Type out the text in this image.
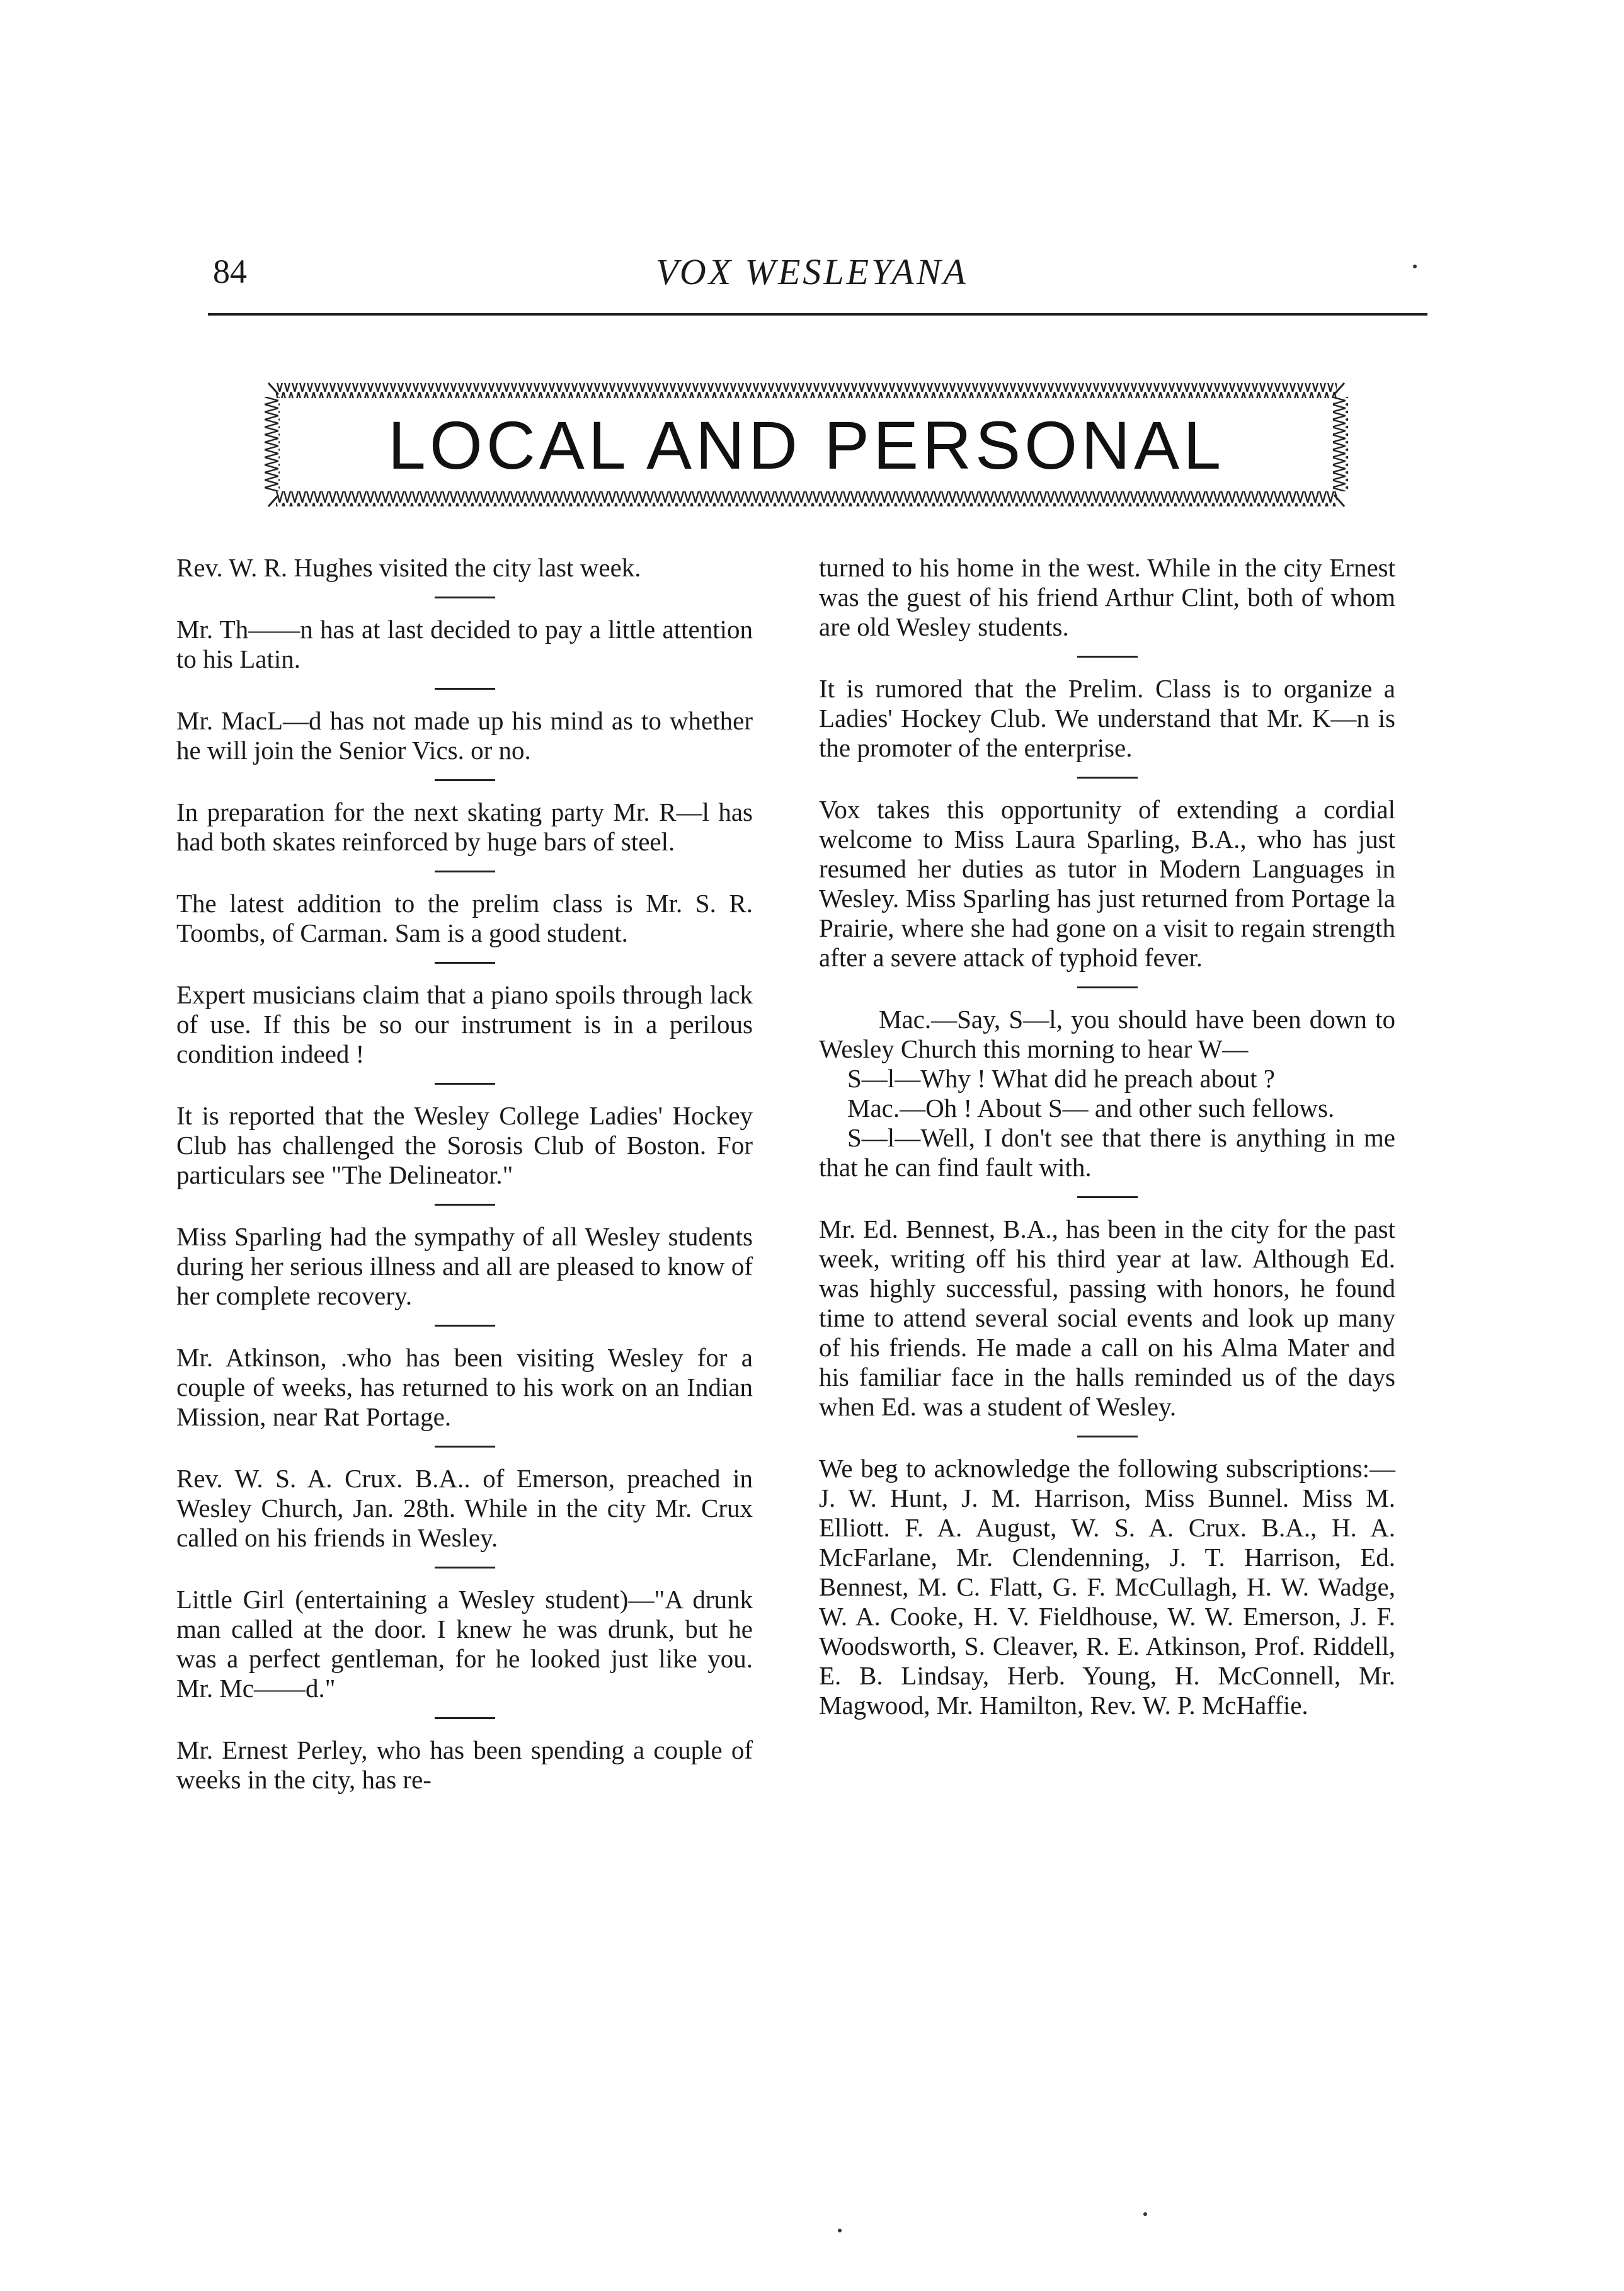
84	VOX WESLEYANA
LOCAL AND PERSONAL

Rev. W. R. Hughes visited the city last week.

Mr. Th——n has at last decided to pay a little attention to his Latin.

Mr. MacL—d has not made up his mind as to whether he will join the Senior Vics. or no.

In preparation for the next skating party Mr. R—l has had both skates reinforced by huge bars of steel.

The latest addition to the prelim class is Mr. S. R. Toombs, of Carman. Sam is a good student.

Expert musicians claim that a piano spoils through lack of use. If this be so our instrument is in a perilous condition indeed !

It is reported that the Wesley College Ladies' Hockey Club has challenged the Sorosis Club of Boston. For particulars see "The Delineator."

Miss Sparling had the sympathy of all Wesley students during her serious illness and all are pleased to know of her complete recovery.

Mr. Atkinson, .who has been visiting Wesley for a couple of weeks, has returned to his work on an Indian Mission, near Rat Portage.

Rev. W. S. A. Crux. B.A.. of Emerson, preached in Wesley Church, Jan. 28th. While in the city Mr. Crux called on his friends in Wesley.

Little Girl (entertaining a Wesley student)—"A drunk man called at the door. I knew he was drunk, but he was a perfect gentleman, for he looked just like you. Mr. Mc——d."

Mr. Ernest Perley, who has been spending a couple of weeks in the city, has re-

turned to his home in the west. While in the city Ernest was the guest of his friend Arthur Clint, both of whom are old Wesley students.

It is rumored that the Prelim. Class is to organize a Ladies' Hockey Club. We understand that Mr. K—n is the promoter of the enterprise.

Vox takes this opportunity of extending a cordial welcome to Miss Laura Sparling, B.A., who has just resumed her duties as tutor in Modern Languages in Wesley. Miss Sparling has just returned from Portage la Prairie, where she had gone on a visit to regain strength after a severe attack of typhoid fever.

Mac.—Say, S—l, you should have been down to Wesley Church this morning to hear W—

S—l—Why ! What did he preach about ?

Mac.—Oh ! About S— and other such fellows.

S—l—Well, I don't see that there is anything in me that he can find fault with.

Mr. Ed. Bennest, B.A., has been in the city for the past week, writing off his third year at law. Although Ed. was highly successful, passing with honors, he found time to attend several social events and look up many of his friends. He made a call on his Alma Mater and his familiar face in the halls reminded us of the days when Ed. was a student of Wesley.

We beg to acknowledge the following subscriptions:—J. W. Hunt, J. M. Harrison, Miss Bunnel. Miss M. Elliott. F. A. August, W. S. A. Crux. B.A., H. A. McFarlane, Mr. Clendenning, J. T. Harrison, Ed. Bennest, M. C. Flatt, G. F. McCullagh, H. W. Wadge, W. A. Cooke, H. V. Fieldhouse, W. W. Emerson, J. F. Woodsworth, S. Cleaver, R. E. Atkinson, Prof. Riddell, E. B. Lindsay, Herb. Young, H. McConnell, Mr. Magwood, Mr. Hamilton, Rev. W. P. McHaffie.
